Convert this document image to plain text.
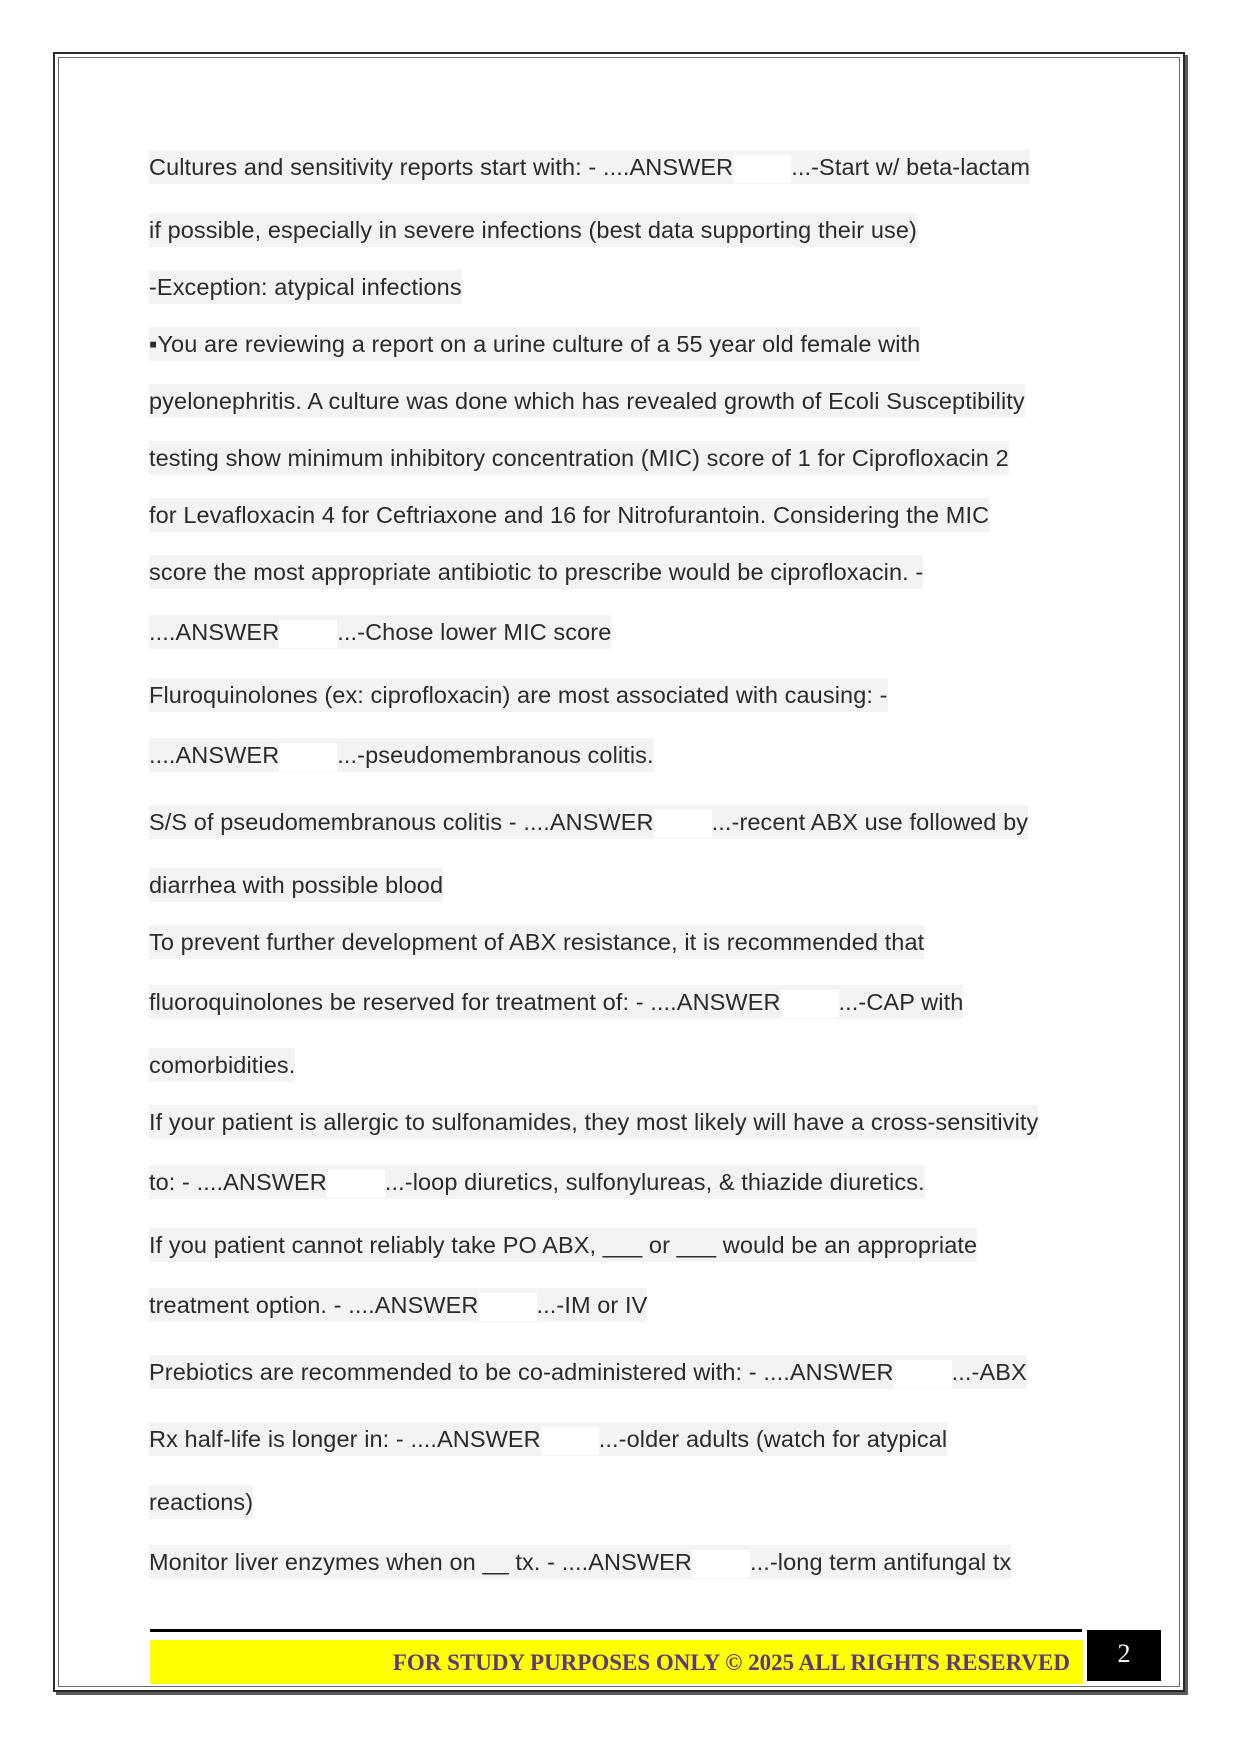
Cultures and sensitivity reports start with: - ....ANSWER ...-Start w/ beta-lactam
if possible, especially in severe infections (best data supporting their use)
-Exception: atypical infections
▪You are reviewing a report on a urine culture of a 55 year old female with
pyelonephritis. A culture was done which has revealed growth of Ecoli Susceptibility
testing show minimum inhibitory concentration (MIC) score of 1 for Ciprofloxacin 2
for Levafloxacin 4 for Ceftriaxone and 16 for Nitrofurantoin. Considering the MIC
score the most appropriate antibiotic to prescribe would be ciprofloxacin. -
....ANSWER ...-Chose lower MIC score
Fluroquinolones (ex: ciprofloxacin) are most associated with causing: -
....ANSWER ...-pseudomembranous colitis.
S/S of pseudomembranous colitis - ....ANSWER ...-recent ABX use followed by
diarrhea with possible blood
To prevent further development of ABX resistance, it is recommended that
fluoroquinolones be reserved for treatment of: - ....ANSWER ...-CAP with
comorbidities.
If your patient is allergic to sulfonamides, they most likely will have a cross-sensitivity
to: - ....ANSWER ...-loop diuretics, sulfonylureas, & thiazide diuretics.
If you patient cannot reliably take PO ABX, ___ or ___ would be an appropriate
treatment option. - ....ANSWER ...-IM or IV
Prebiotics are recommended to be co-administered with: - ....ANSWER ...-ABX
Rx half-life is longer in: - ....ANSWER ...-older adults (watch for atypical
reactions)
Monitor liver enzymes when on __ tx. - ....ANSWER ...-long term antifungal tx
FOR STUDY PURPOSES ONLY © 2025 ALL RIGHTS RESERVED	2
